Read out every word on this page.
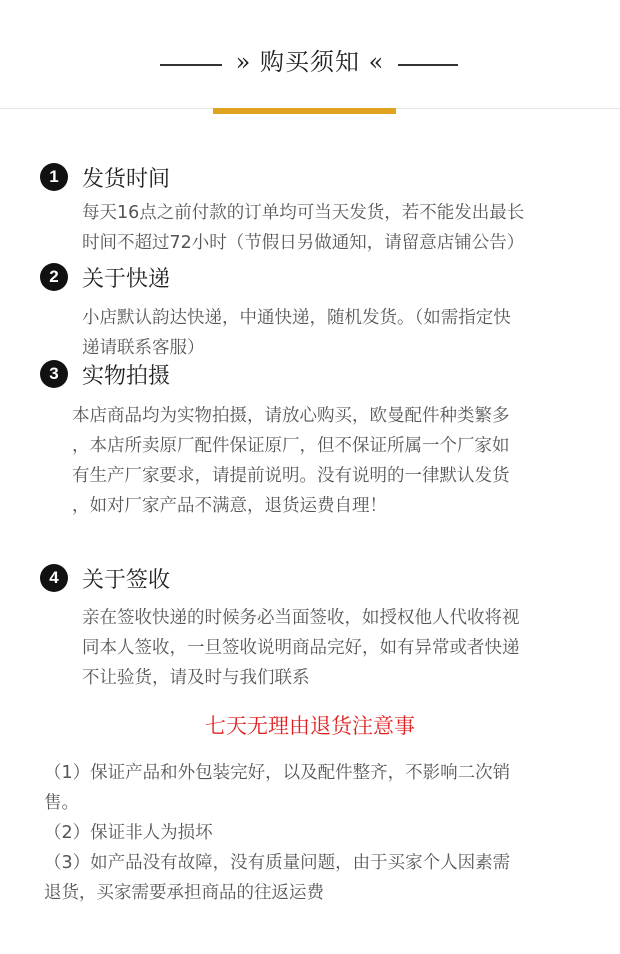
» 购买须知 «
1	发货时间
每天16点之前付款的订单均可当天发货，若不能发出最长
时间不超过72小时（节假日另做通知，请留意店铺公告）
2	关于快递
小店默认韵达快递，中通快递，随机发货。（如需指定快
递请联系客服）
3	实物拍摄
本店商品均为实物拍摄，请放心购买，欧曼配件种类繁多
，本店所卖原厂配件保证原厂，但不保证所属一个厂家如
有生产厂家要求，请提前说明。没有说明的一律默认发货
，如对厂家产品不满意，退货运费自理！
4	关于签收
亲在签收快递的时候务必当面签收，如授权他人代收将视
同本人签收，一旦签收说明商品完好，如有异常或者快递
不让验货，请及时与我们联系
七天无理由退货注意事
（1）保证产品和外包装完好，以及配件整齐，不影响二次销
售。
（2）保证非人为损坏
（3）如产品没有故障，没有质量问题，由于买家个人因素需
退货，买家需要承担商品的往返运费
